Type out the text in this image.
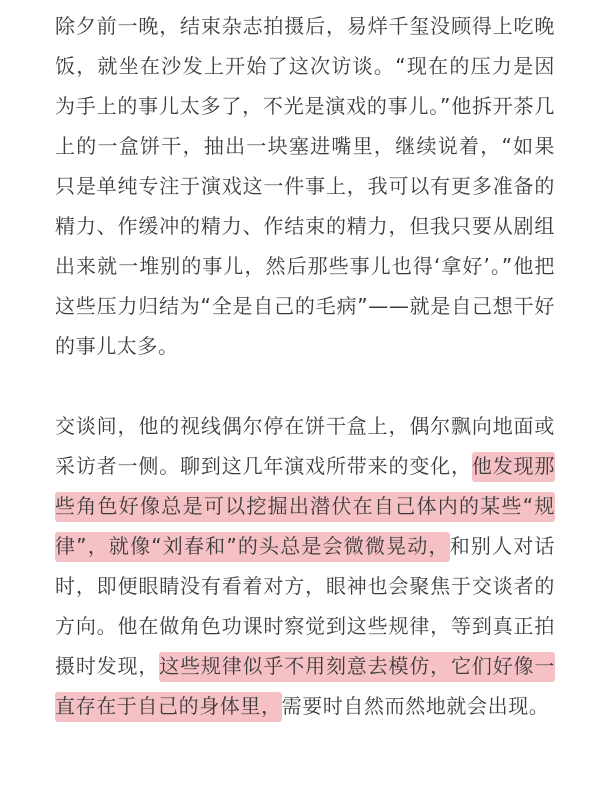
除夕前一晚，结束杂志拍摄后，易烊千玺没顾得上吃晚饭，就坐在沙发上开始了这次访谈。“现在的压力是因为手上的事儿太多了，不光是演戏的事儿。”他拆开茶几上的一盒饼干，抽出一块塞进嘴里，继续说着，“如果只是单纯专注于演戏这一件事上，我可以有更多准备的精力、作缓冲的精力、作结束的精力，但我只要从剧组出来就一堆别的事儿，然后那些事儿也得‘拿好’。”他把这些压力归结为“全是自己的毛病”——就是自己想干好的事儿太多。

交谈间，他的视线偶尔停在饼干盒上，偶尔飘向地面或采访者一侧。聊到这几年演戏所带来的变化，他发现那些角色好像总是可以挖掘出潜伏在自己体内的某些“规律”，就像“刘春和”的头总是会微微晃动，和别人对话时，即便眼睛没有看着对方，眼神也会聚焦于交谈者的方向。他在做角色功课时察觉到这些规律，等到真正拍摄时发现，这些规律似乎不用刻意去模仿，它们好像一直存在于自己的身体里，需要时自然而然地就会出现。
